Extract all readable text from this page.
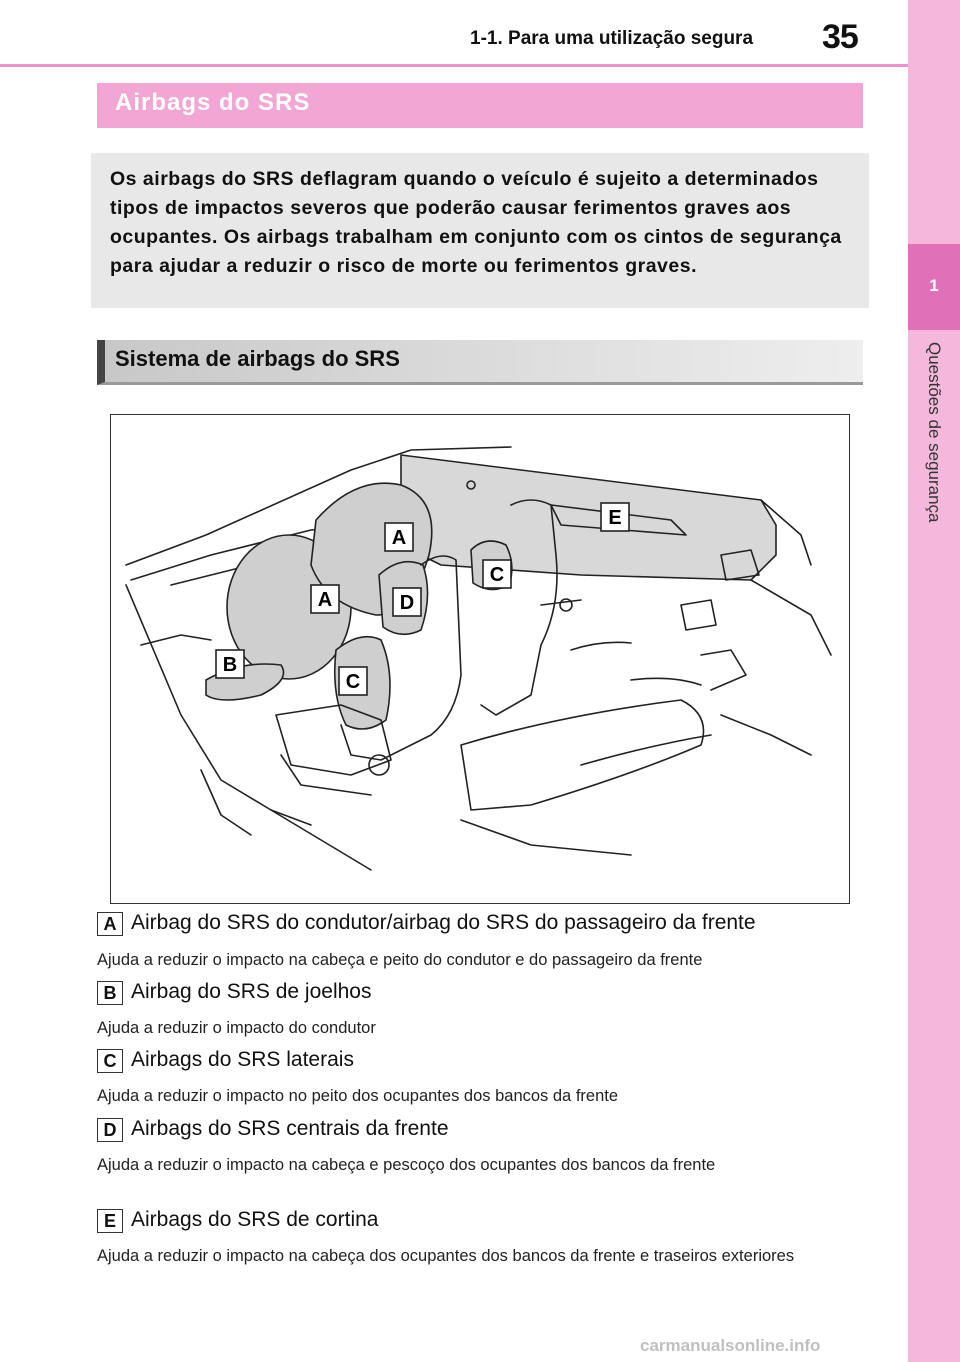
1-1. Para uma utilização segura 35
1
Questões de segurança
Airbags do SRS
Os airbags do SRS deflagram quando o veículo é sujeito a determinados tipos de impactos severos que poderão causar ferimentos graves aos ocupantes. Os airbags trabalham em conjunto com os cintos de segurança para ajudar a reduzir o risco de morte ou ferimentos graves.
Sistema de airbags do SRS
A
A
B
C
C
D
E
A Airbag do SRS do condutor/airbag do SRS do passageiro da frente
Ajuda a reduzir o impacto na cabeça e peito do condutor e do passageiro da frente
B Airbag do SRS de joelhos
Ajuda a reduzir o impacto do condutor
C Airbags do SRS laterais
Ajuda a reduzir o impacto no peito dos ocupantes dos bancos da frente
D Airbags do SRS centrais da frente
Ajuda a reduzir o impacto na cabeça e pescoço dos ocupantes dos bancos da frente
E Airbags do SRS de cortina
Ajuda a reduzir o impacto na cabeça dos ocupantes dos bancos da frente e traseiros exteriores
carmanualsonline.info
